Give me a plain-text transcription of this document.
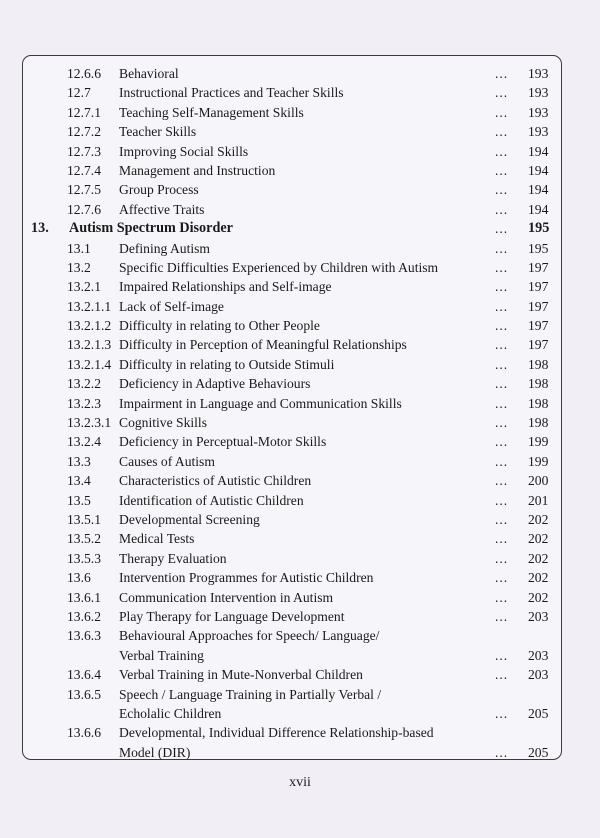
12.6.6 Behavioral	... 193
12.7 Instructional Practices and Teacher Skills	... 193
12.7.1 Teaching Self-Management Skills	... 193
12.7.2 Teacher Skills	... 193
12.7.3 Improving Social Skills	... 194
12.7.4 Management and Instruction	... 194
12.7.5 Group Process	... 194
12.7.6 Affective Traits	... 194
13. Autism Spectrum Disorder	... 195
13.1 Defining Autism	... 195
13.2 Specific Difficulties Experienced by Children with Autism	... 197
13.2.1 Impaired Relationships and Self-image	... 197
13.2.1.1 Lack of Self-image	... 197
13.2.1.2 Difficulty in relating to Other People	... 197
13.2.1.3 Difficulty in Perception of Meaningful Relationships	... 197
13.2.1.4 Difficulty in relating to Outside Stimuli	... 198
13.2.2 Deficiency in Adaptive Behaviours	... 198
13.2.3 Impairment in Language and Communication Skills	... 198
13.2.3.1 Cognitive Skills	... 198
13.2.4 Deficiency in Perceptual-Motor Skills	... 199
13.3 Causes of Autism	... 199
13.4 Characteristics of Autistic Children	... 200
13.5 Identification of Autistic Children	... 201
13.5.1 Developmental Screening	... 202
13.5.2 Medical Tests	... 202
13.5.3 Therapy Evaluation	... 202
13.6 Intervention Programmes for Autistic Children	... 202
13.6.1 Communication Intervention in Autism	... 202
13.6.2 Play Therapy for Language Development	... 203
13.6.3 Behavioural Approaches for Speech/ Language/
Verbal Training	... 203
13.6.4 Verbal Training in Mute-Nonverbal Children	... 203
13.6.5 Speech / Language Training in Partially Verbal /
Echolalic Children	... 205
13.6.6 Developmental, Individual Difference Relationship-based
Model (DIR)	... 205
xvii
